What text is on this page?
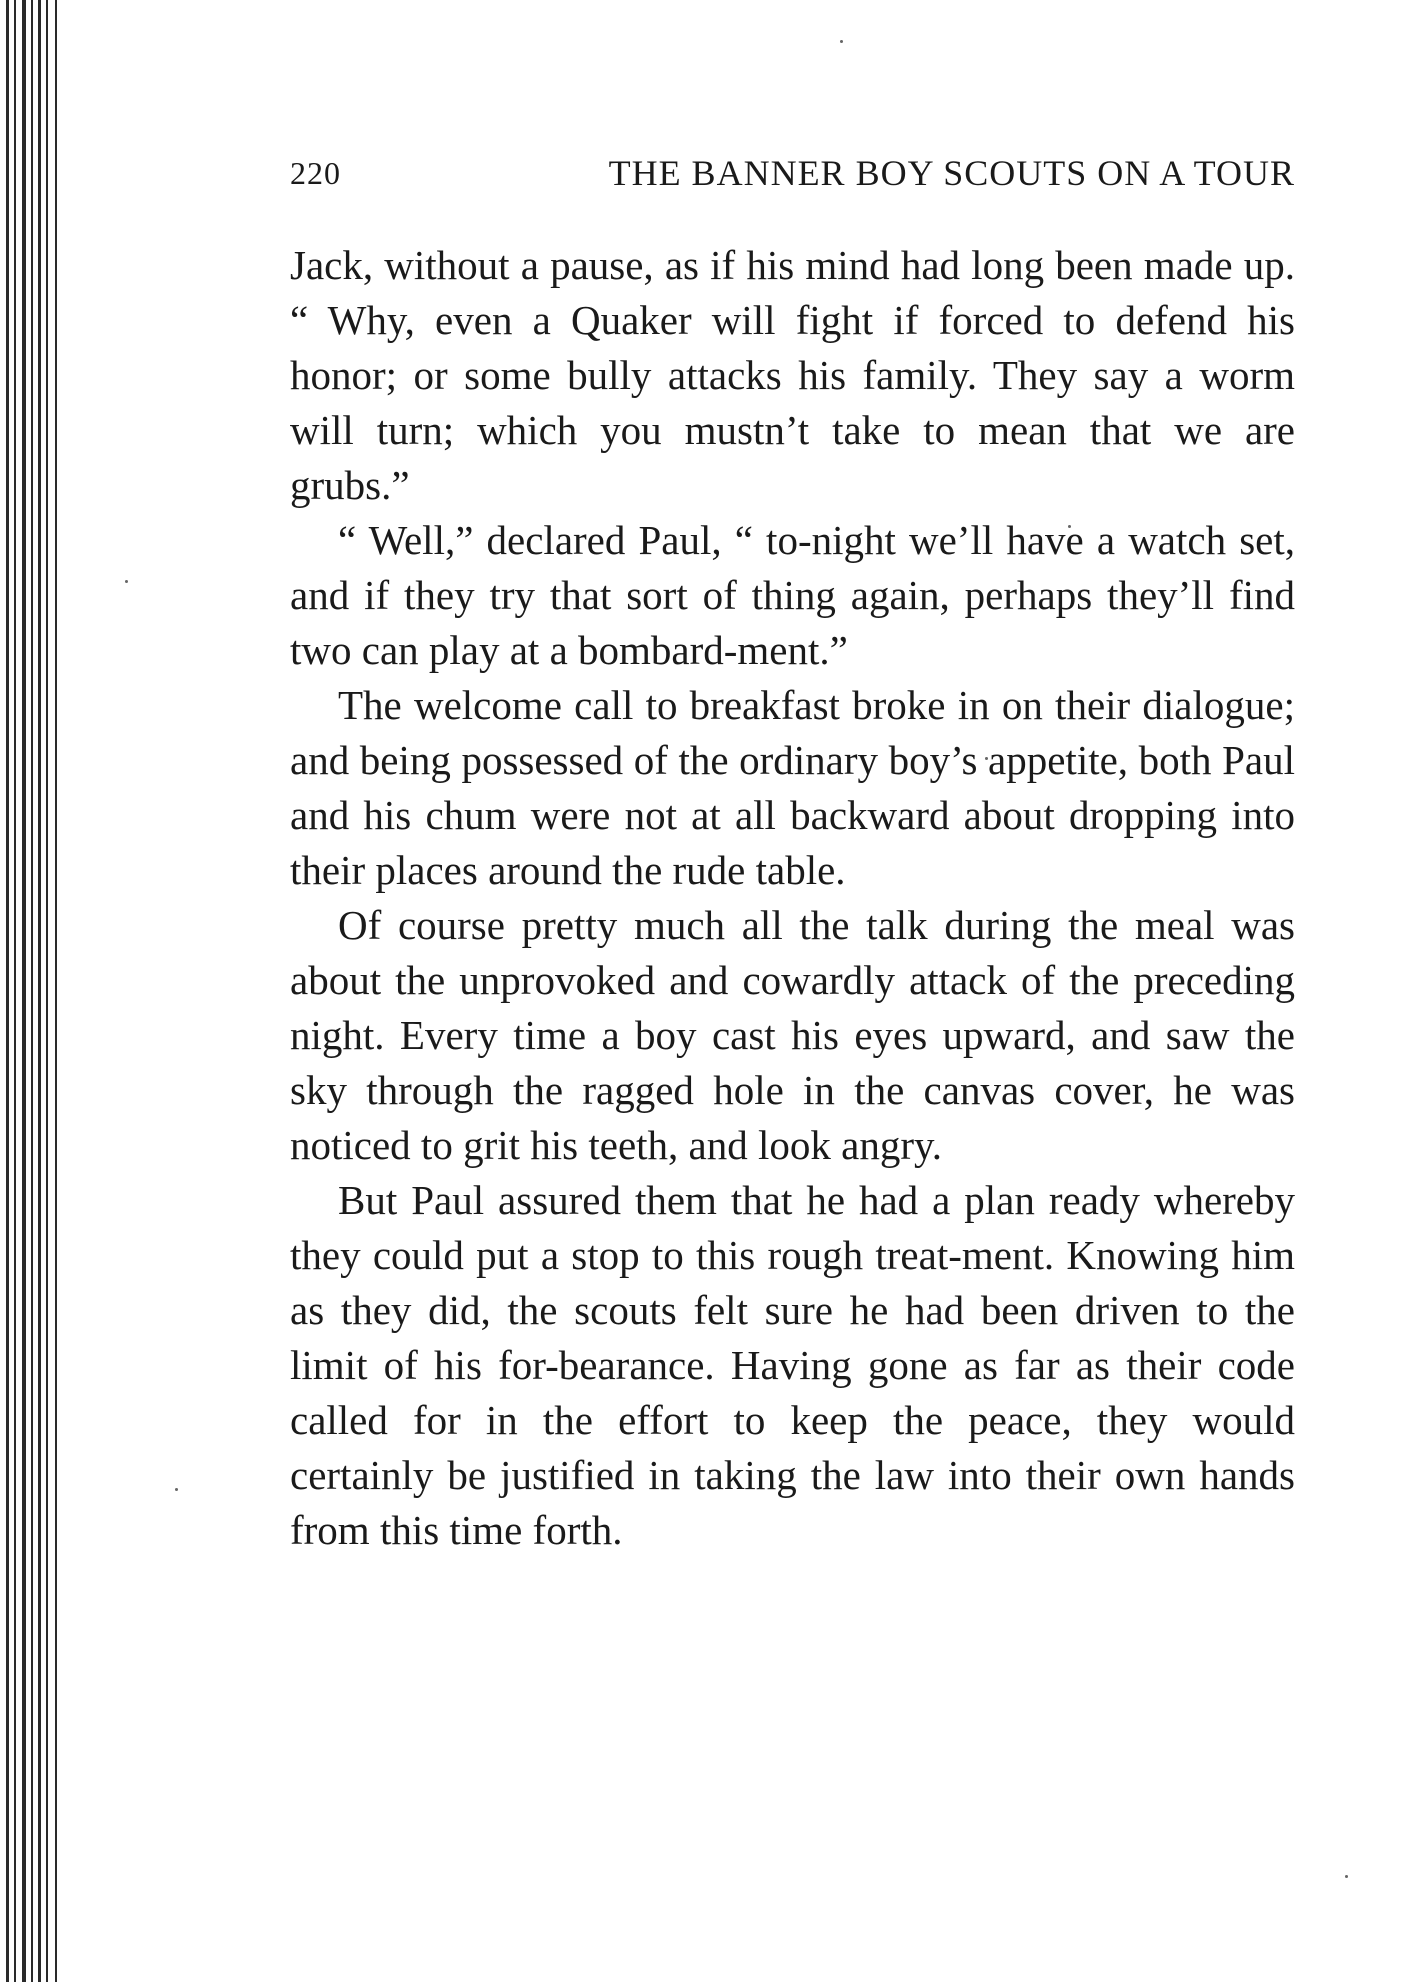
220	THE BANNER BOY SCOUTS ON A TOUR

Jack, without a pause, as if his mind had long been made up. “ Why, even a Quaker will fight if forced to defend his honor; or some bully attacks his family. They say a worm will turn; which you mustn’t take to mean that we are grubs.”

“ Well,” declared Paul, “ to-night we’ll have a watch set, and if they try that sort of thing again, perhaps they’ll find two can play at a bombard-ment.”

The welcome call to breakfast broke in on their dialogue; and being possessed of the ordinary boy’s appetite, both Paul and his chum were not at all backward about dropping into their places around the rude table.

Of course pretty much all the talk during the meal was about the unprovoked and cowardly attack of the preceding night. Every time a boy cast his eyes upward, and saw the sky through the ragged hole in the canvas cover, he was noticed to grit his teeth, and look angry.

But Paul assured them that he had a plan ready whereby they could put a stop to this rough treat-ment. Knowing him as they did, the scouts felt sure he had been driven to the limit of his for-bearance. Having gone as far as their code called for in the effort to keep the peace, they would certainly be justified in taking the law into their own hands from this time forth.
